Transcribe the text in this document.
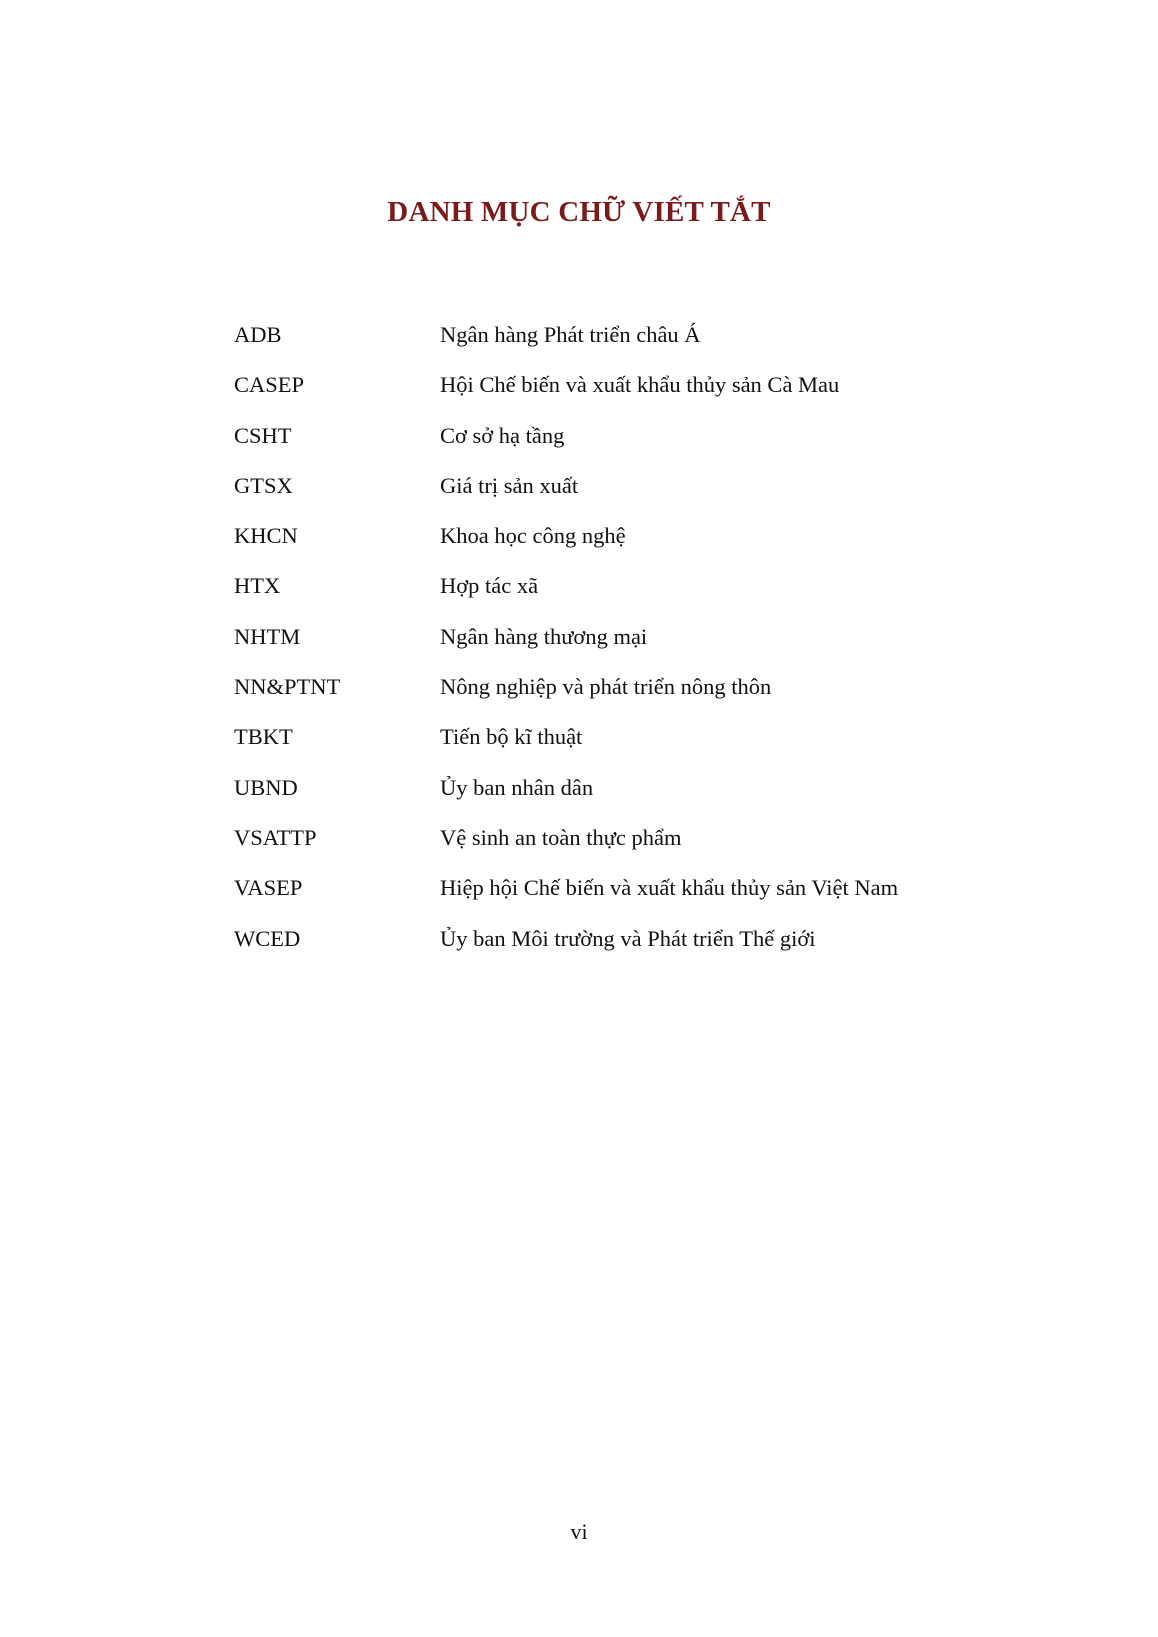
DANH MỤC CHỮ VIẾT TẮT
ADB	Ngân hàng Phát triển châu Á
CASEP	Hội Chế biến và xuất khẩu thủy sản Cà Mau
CSHT	Cơ sở hạ tầng
GTSX	Giá trị sản xuất
KHCN	Khoa học công nghệ
HTX	Hợp tác xã
NHTM	Ngân hàng thương mại
NN&PTNT	Nông nghiệp và phát triển nông thôn
TBKT	Tiến bộ kĩ thuật
UBND	Ủy ban nhân dân
VSATTP	Vệ sinh an toàn thực phẩm
VASEP	Hiệp hội Chế biến và xuất khẩu thủy sản Việt Nam
WCED	Ủy ban Môi trường và Phát triển Thế giới
vi
